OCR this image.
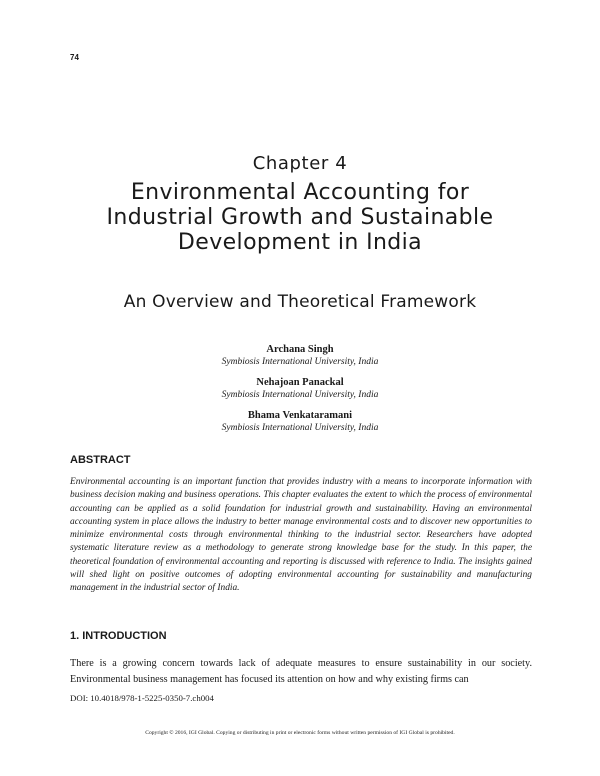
74
Chapter 4
Environmental Accounting for Industrial Growth and Sustainable Development in India
An Overview and Theoretical Framework
Archana Singh
Symbiosis International University, India
Nehajoan Panackal
Symbiosis International University, India
Bhama Venkataramani
Symbiosis International University, India
ABSTRACT

Environmental accounting is an important function that provides industry with a means to incorporate information with business decision making and business operations. This chapter evaluates the extent to which the process of environmental accounting can be applied as a solid foundation for industrial growth and sustainability. Having an environmental accounting system in place allows the industry to better manage environmental costs and to discover new opportunities to minimize environmental costs through environmental thinking to the industrial sector. Researchers have adopted systematic literature review as a methodology to generate strong knowledge base for the study. In this paper, the theoretical foundation of environmental accounting and reporting is discussed with reference to India. The insights gained will shed light on positive outcomes of adopting environmental accounting for sustainability and manufacturing management in the industrial sector of India.

1. INTRODUCTION

There is a growing concern towards lack of adequate measures to ensure sustainability in our society. Environmental business management has focused its attention on how and why existing firms can

DOI: 10.4018/978-1-5225-0350-7.ch004
Copyright © 2016, IGI Global. Copying or distributing in print or electronic forms without written permission of IGI Global is prohibited.
